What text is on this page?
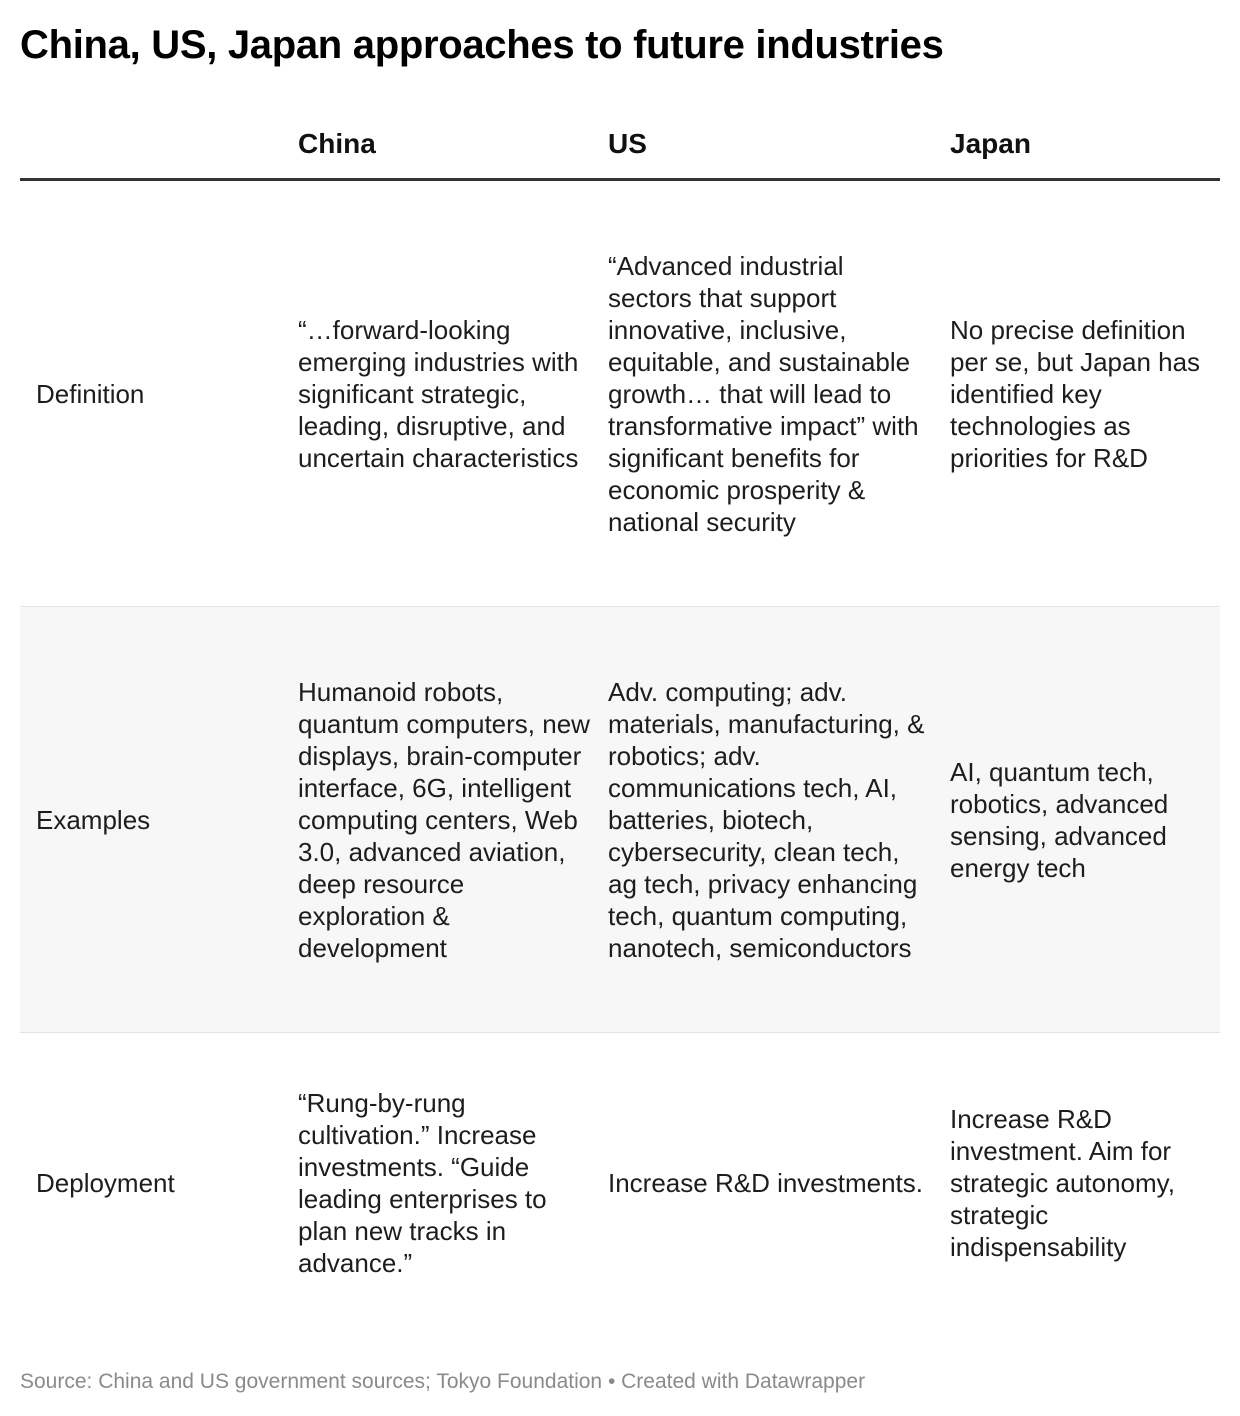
China, US, Japan approaches to future industries
China	US	Japan
Definition
“…forward-looking emerging industries with significant strategic, leading, disruptive, and uncertain characteristics
“Advanced industrial sectors that support innovative, inclusive, equitable, and sustainable growth… that will lead to transformative impact” with significant benefits for economic prosperity & national security
No precise definition per se, but Japan has identified key technologies as priorities for R&D
Examples
Humanoid robots, quantum computers, new displays, brain-computer interface, 6G, intelligent computing centers, Web 3.0, advanced aviation, deep resource exploration & development
Adv. computing; adv. materials, manufacturing, & robotics; adv. communications tech, AI, batteries, biotech, cybersecurity, clean tech, ag tech, privacy enhancing tech, quantum computing, nanotech, semiconductors
AI, quantum tech, robotics, advanced sensing, advanced energy tech
Deployment
“Rung-by-rung cultivation.” Increase investments. “Guide leading enterprises to plan new tracks in advance.”
Increase R&D investments.
Increase R&D investment. Aim for strategic autonomy, strategic indispensability
Source: China and US government sources; Tokyo Foundation • Created with Datawrapper
